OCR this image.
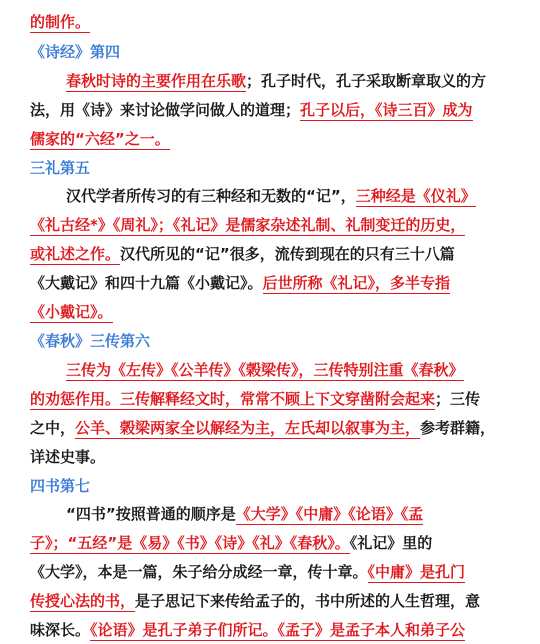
的制作。
《诗经》第四
春秋时诗的主要作用在乐歌；孔子时代，孔子采取断章取义的方
法，用《诗》来讨论做学问做人的道理；孔子以后，《诗三百》成为
儒家的“六经”之一。
三礼第五
汉代学者所传习的有三种经和无数的“记”，三种经是《仪礼》
《礼古经*》《周礼》；《礼记》是儒家杂述礼制、礼制变迁的历史，
或礼述之作。汉代所见的“记”很多，流传到现在的只有三十八篇
《大戴记》和四十九篇《小戴记》。后世所称《礼记》，多半专指
《小戴记》。
《春秋》三传第六
三传为《左传》《公羊传》《榖梁传》，三传特别注重《春秋》
的劝惩作用。三传解释经文时，常常不顾上下文穿凿附会起来；三传
之中，公羊、榖梁两家全以解经为主，左氏却以叙事为主，参考群籍，
详述史事。
四书第七
“四书”按照普通的顺序是《大学》《中庸》《论语》《孟
子》；“五经”是《易》《书》《诗》《礼》《春秋》。《礼记》里的
《大学》，本是一篇，朱子给分成经一章，传十章。《中庸》是孔门
传授心法的书，是子思记下来传给孟子的，书中所述的人生哲理，意
味深长。《论语》是孔子弟子们所记。《孟子》是孟子本人和弟子公
